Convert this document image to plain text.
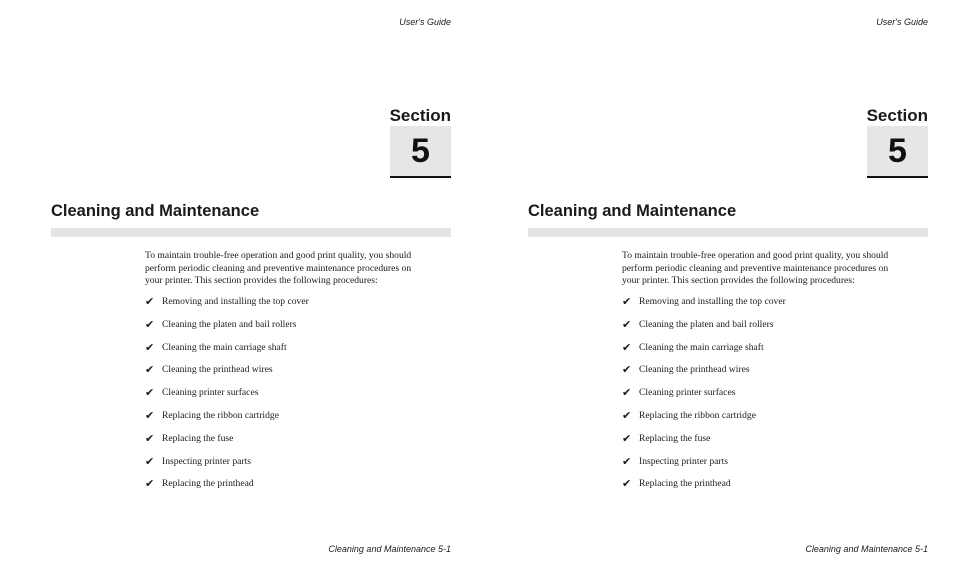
User's Guide
Section
5
Cleaning and Maintenance
To maintain trouble-free operation and good print quality, you should
perform periodic cleaning and preventive maintenance procedures on
your printer. This section provides the following procedures:
✔ Removing and installing the top cover
✔ Cleaning the platen and bail rollers
✔ Cleaning the main carriage shaft
✔ Cleaning the printhead wires
✔ Cleaning printer surfaces
✔ Replacing the ribbon cartridge
✔ Replacing the fuse
✔ Inspecting printer parts
✔ Replacing the printhead
Cleaning and Maintenance 5-1
User's Guide
Section
5
Cleaning and Maintenance
To maintain trouble-free operation and good print quality, you should
perform periodic cleaning and preventive maintenance procedures on
your printer. This section provides the following procedures:
✔ Removing and installing the top cover
✔ Cleaning the platen and bail rollers
✔ Cleaning the main carriage shaft
✔ Cleaning the printhead wires
✔ Cleaning printer surfaces
✔ Replacing the ribbon cartridge
✔ Replacing the fuse
✔ Inspecting printer parts
✔ Replacing the printhead
Cleaning and Maintenance 5-1
